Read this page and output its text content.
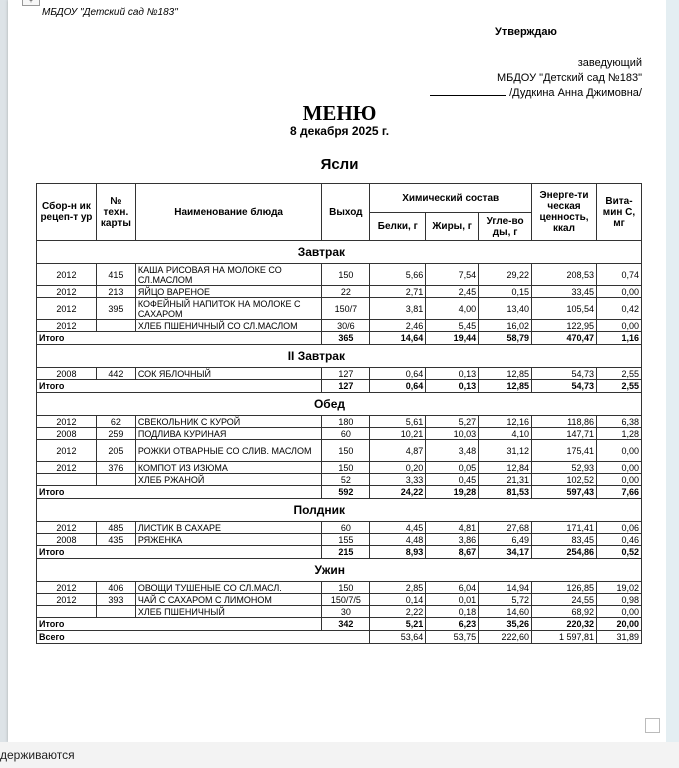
+
МБДОУ "Детский сад №183"
Утверждаю
заведующий
МБДОУ "Детский сад №183"
/Дудкина Анна Джимовна/
МЕНЮ
8 декабря 2025 г.
Ясли
Сбор-н ик рецеп-т ур	№ техн. карты	Наименование блюда	Выход	Химический состав			Энерге-ти ческая ценность, ккал	Вита-мин С, мг
				Белки, г	Жиры, г	Угле-во ды, г		
Завтрак								
2012	415	КАША РИСОВАЯ НА МОЛОКЕ СО СЛ.МАСЛОМ	150	5,66	7,54	29,22	208,53	0,74
2012	213	ЯЙЦО ВАРЕНОЕ	22	2,71	2,45	0,15	33,45	0,00
2012	395	КОФЕЙНЫЙ НАПИТОК НА МОЛОКЕ С САХАРОМ	150/7	3,81	4,00	13,40	105,54	0,42
2012		ХЛЕБ ПШЕНИЧНЫЙ СО СЛ.МАСЛОМ	30/6	2,46	5,45	16,02	122,95	0,00
Итого			365	14,64	19,44	58,79	470,47	1,16
II Завтрак								
2008	442	СОК ЯБЛОЧНЫЙ	127	0,64	0,13	12,85	54,73	2,55
Итого			127	0,64	0,13	12,85	54,73	2,55
Обед								
2012	62	СВЕКОЛЬНИК С КУРОЙ	180	5,61	5,27	12,16	118,86	6,38
2008	259	ПОДЛИВА КУРИНАЯ	60	10,21	10,03	4,10	147,71	1,28
2012	205	РОЖКИ ОТВАРНЫЕ СО СЛИВ. МАСЛОМ	150	4,87	3,48	31,12	175,41	0,00
2012	376	КОМПОТ ИЗ ИЗЮМА	150	0,20	0,05	12,84	52,93	0,00
		ХЛЕБ РЖАНОЙ	52	3,33	0,45	21,31	102,52	0,00
Итого			592	24,22	19,28	81,53	597,43	7,66
Полдник								
2012	485	ЛИСТИК В САХАРЕ	60	4,45	4,81	27,68	171,41	0,06
2008	435	РЯЖЕНКА	155	4,48	3,86	6,49	83,45	0,46
Итого			215	8,93	8,67	34,17	254,86	0,52
Ужин								
2012	406	ОВОЩИ ТУШЕНЫЕ СО СЛ.МАСЛ.	150	2,85	6,04	14,94	126,85	19,02
2012	393	ЧАЙ С САХАРОМ С ЛИМОНОМ	150/7/5	0,14	0,01	5,72	24,55	0,98
		ХЛЕБ ПШЕНИЧНЫЙ	30	2,22	0,18	14,60	68,92	0,00
Итого			342	5,21	6,23	35,26	220,32	20,00
Всего				53,64	53,75	222,60	1 597,81	31,89
держиваются
